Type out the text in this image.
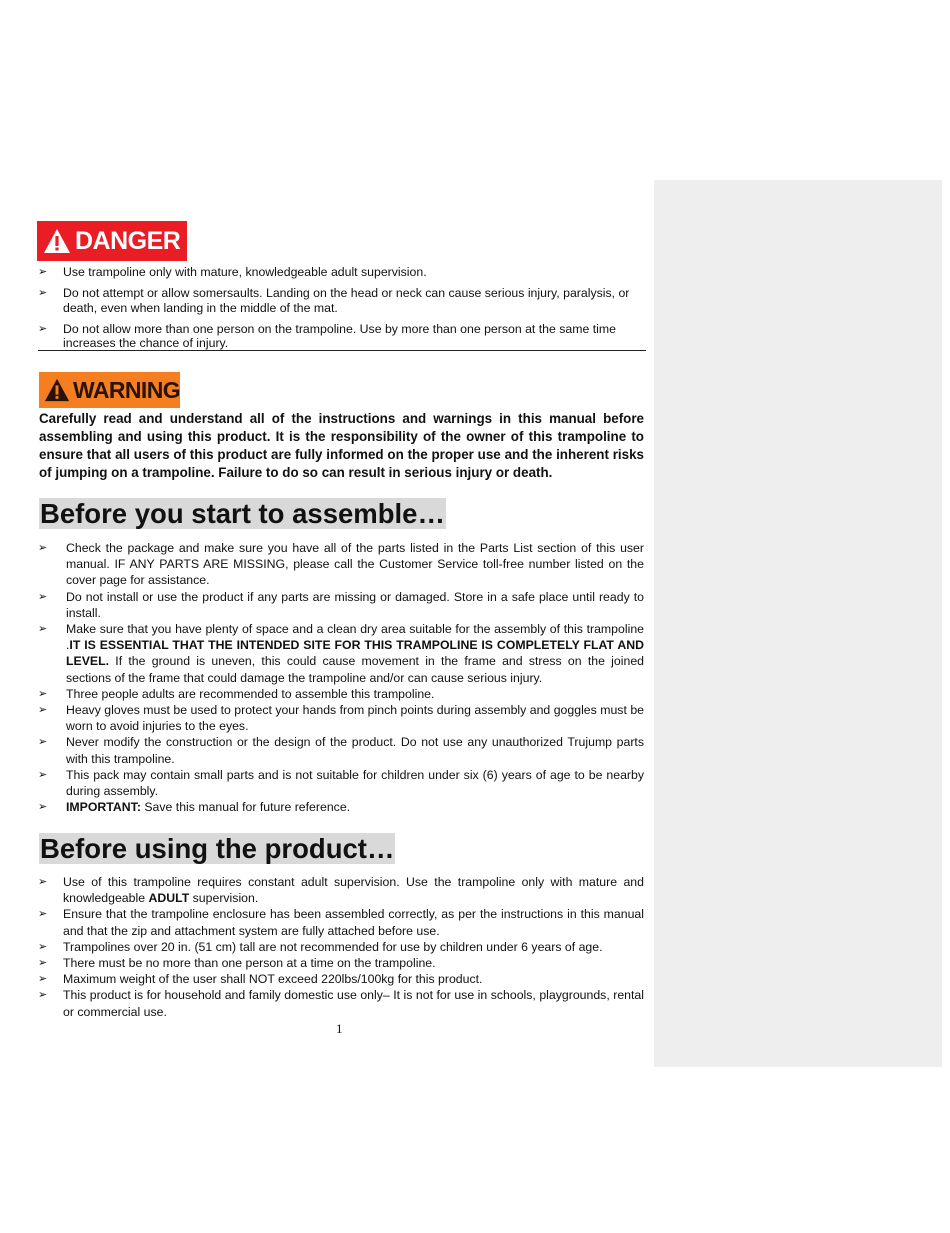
DANGER
➢ Use trampoline only with mature, knowledgeable adult supervision.
➢ Do not attempt or allow somersaults. Landing on the head or neck can cause serious injury, paralysis, or death, even when landing in the middle of the mat.
➢ Do not allow more than one person on the trampoline. Use by more than one person at the same time increases the chance of injury.
WARNING

Carefully read and understand all of the instructions and warnings in this manual before assembling and using this product. It is the responsibility of the owner of this trampoline to ensure that all users of this product are fully informed on the proper use and the inherent risks of jumping on a trampoline. Failure to do so can result in serious injury or death.

Before you start to assemble…
➢ Check the package and make sure you have all of the parts listed in the Parts List section of this user manual. IF ANY PARTS ARE MISSING, please call the Customer Service toll-free number listed on the cover page for assistance.
➢ Do not install or use the product if any parts are missing or damaged. Store in a safe place until ready to install.
➢ Make sure that you have plenty of space and a clean dry area suitable for the assembly of this trampoline .IT IS ESSENTIAL THAT THE INTENDED SITE FOR THIS TRAMPOLINE IS COMPLETELY FLAT AND LEVEL. If the ground is uneven, this could cause movement in the frame and stress on the joined sections of the frame that could damage the trampoline and/or can cause serious injury.
➢ Three people adults are recommended to assemble this trampoline.
➢ Heavy gloves must be used to protect your hands from pinch points during assembly and goggles must be worn to avoid injuries to the eyes.
➢ Never modify the construction or the design of the product. Do not use any unauthorized Trujump parts with this trampoline.
➢ This pack may contain small parts and is not suitable for children under six (6) years of age to be nearby during assembly.
➢ IMPORTANT: Save this manual for future reference.
Before using the product…
➢ Use of this trampoline requires constant adult supervision. Use the trampoline only with mature and knowledgeable ADULT supervision.
➢ Ensure that the trampoline enclosure has been assembled correctly, as per the instructions in this manual and that the zip and attachment system are fully attached before use.
➢ Trampolines over 20 in. (51 cm) tall are not recommended for use by children under 6 years of age.
➢ There must be no more than one person at a time on the trampoline.
➢ Maximum weight of the user shall NOT exceed 220lbs/100kg for this product.
➢ This product is for household and family domestic use only– It is not for use in schools, playgrounds, rental or commercial use.
1
